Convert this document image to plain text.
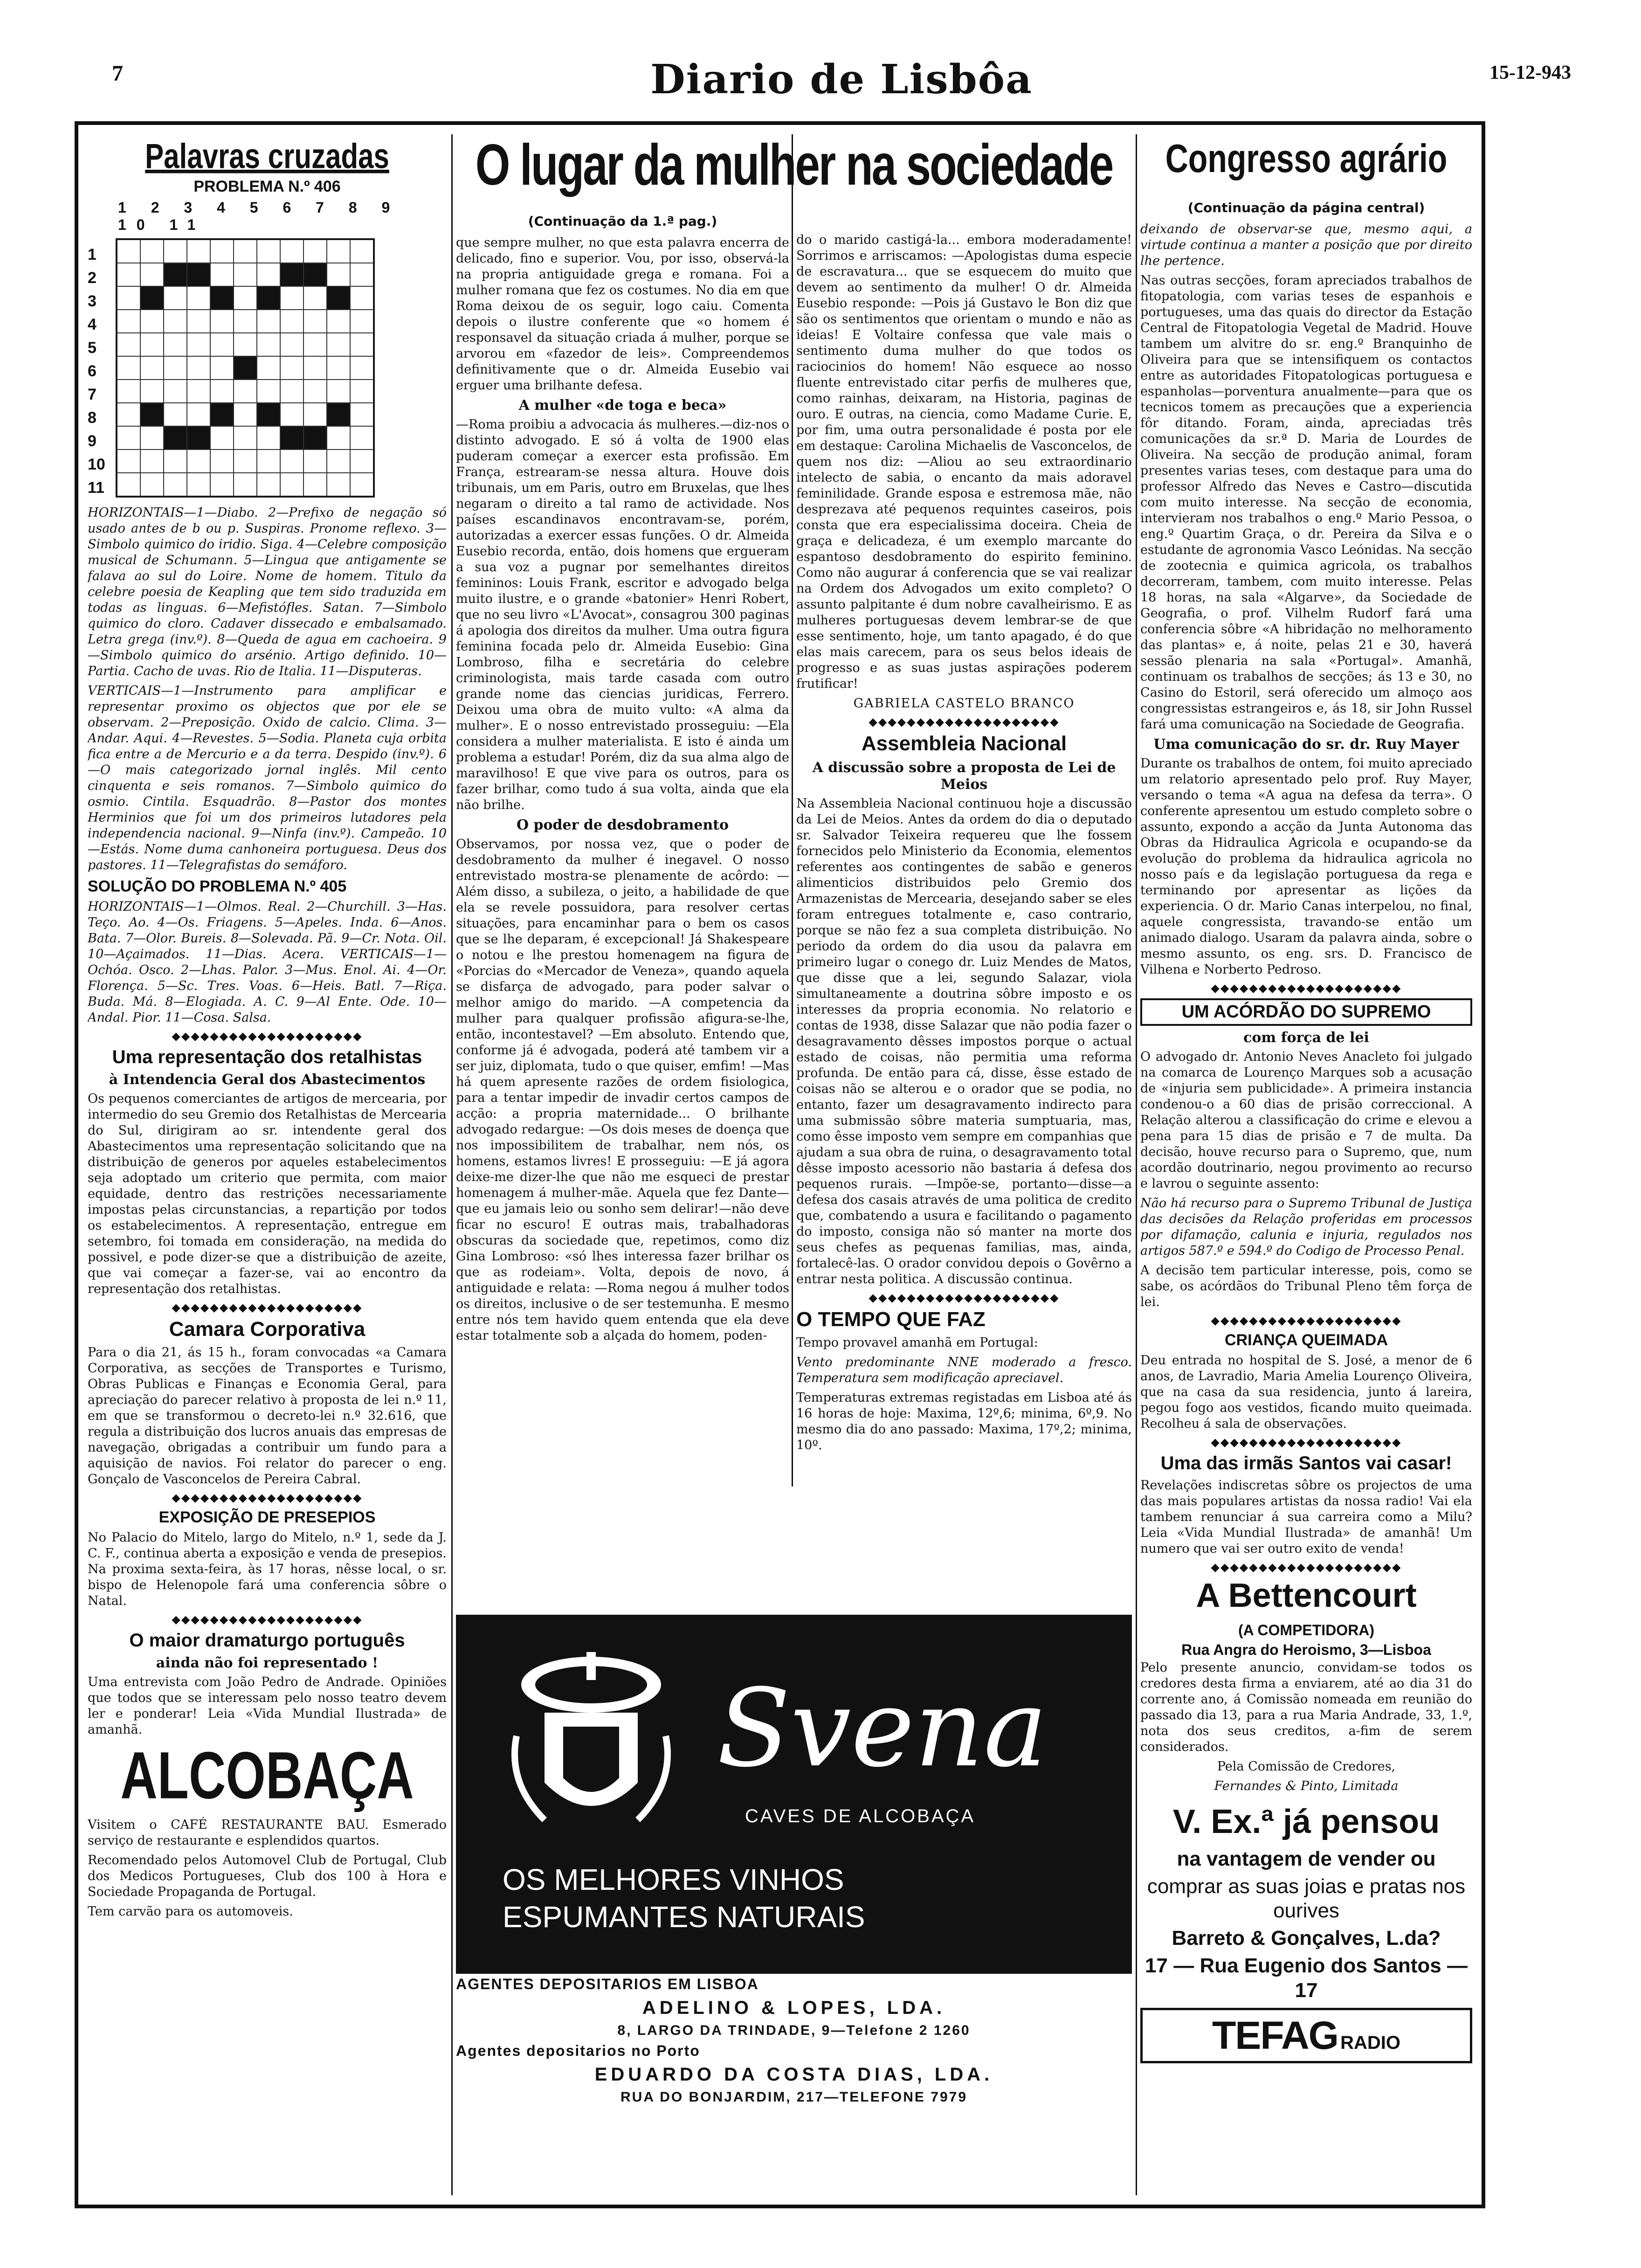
7	Diario de Lisbôa	15-12-943
Palavras cruzadas
PROBLEMA N.º 406
1 2 3 4 5 6 7 8 9 10 11
1
2
3
4
5
6
7
8
9
10
11

HORIZONTAIS—1—Diabo. 2—Prefixo de negação só usado antes de b ou p. Suspiras. Pronome reflexo. 3—Simbolo quimico do iridio. Siga. 4—Celebre composição musical de Schumann. 5—Lingua que antigamente se falava ao sul do Loire. Nome de homem. Titulo da celebre poesia de Keapling que tem sido traduzida em todas as linguas. 6—Mefistófles. Satan. 7—Simbolo quimico do cloro. Cadaver dissecado e embalsamado. Letra grega (inv.º). 8—Queda de agua em cachoeira. 9—Simbolo quimico do arsénio. Artigo definido. 10—Partia. Cacho de uvas. Rio de Italia. 11—Disputeras.

VERTICAIS—1—Instrumento para amplificar e representar proximo os objectos que por ele se observam. 2—Preposição. Oxido de calcio. Clima. 3—Andar. Aqui. 4—Revestes. 5—Sodia. Planeta cuja orbita fica entre a de Mercurio e a da terra. Despido (inv.º). 6—O mais categorizado jornal inglês. Mil cento cinquenta e seis romanos. 7—Simbolo quimico do osmio. Cintila. Esquadrão. 8—Pastor dos montes Herminios que foi um dos primeiros lutadores pela independencia nacional. 9—Ninfa (inv.º). Campeão. 10—Estás. Nome duma canhoneira portuguesa. Deus dos pastores. 11—Telegrafistas do semáforo.

SOLUÇÃO DO PROBLEMA N.º 405

HORIZONTAIS—1—Olmos. Real. 2—Churchill. 3—Has. Teço. Ao. 4—Os. Friagens. 5—Apeles. Inda. 6—Anos. Bata. 7—Olor. Bureis. 8—Solevada. Pã. 9—Cr. Nota. Oil. 10—Açaimados. 11—Dias. Acera. VERTICAIS—1—Ochóa. Osco. 2—Lhas. Palor. 3—Mus. Enol. Ai. 4—Or. Florença. 5—Sc. Tres. Voas. 6—Heis. Batl. 7—Riça. Buda. Má. 8—Elogiada. A. C. 9—Al Ente. Ode. 10—Andal. Pior. 11—Cosa. Salsa.

◆◆◆◆◆◆◆◆◆◆◆◆◆◆◆◆◆◆◆◆
Uma representação dos retalhistas
à Intendencia Geral dos Abastecimentos

Os pequenos comerciantes de artigos de mercearia, por intermedio do seu Gremio dos Retalhistas de Mercearia do Sul, dirigiram ao sr. intendente geral dos Abastecimentos uma representação solicitando que na distribuição de generos por aqueles estabelecimentos seja adoptado um criterio que permita, com maior equidade, dentro das restrições necessariamente impostas pelas circunstancias, a repartição por todos os estabelecimentos. A representação, entregue em setembro, foi tomada em consideração, na medida do possivel, e pode dizer-se que a distribuição de azeite, que vai começar a fazer-se, vai ao encontro da representação dos retalhistas.

◆◆◆◆◆◆◆◆◆◆◆◆◆◆◆◆◆◆◆◆
Camara Corporativa

Para o dia 21, ás 15 h., foram convocadas «a Camara Corporativa, as secções de Transportes e Turismo, Obras Publicas e Finanças e Economia Geral, para apreciação do parecer relativo à proposta de lei n.º 11, em que se transformou o decreto-lei n.º 32.616, que regula a distribuição dos lucros anuais das empresas de navegação, obrigadas a contribuir um fundo para a aquisição de navios. Foi relator do parecer o eng. Gonçalo de Vasconcelos de Pereira Cabral.

◆◆◆◆◆◆◆◆◆◆◆◆◆◆◆◆◆◆◆◆
EXPOSIÇÃO DE PRESEPIOS

No Palacio do Mitelo, largo do Mitelo, n.º 1, sede da J. C. F., continua aberta a exposição e venda de presepios. Na proxima sexta-feira, às 17 horas, nêsse local, o sr. bispo de Helenopole fará uma conferencia sôbre o Natal.

◆◆◆◆◆◆◆◆◆◆◆◆◆◆◆◆◆◆◆◆
O maior dramaturgo português
ainda não foi representado !

Uma entrevista com João Pedro de Andrade. Opiniões que todos que se interessam pelo nosso teatro devem ler e ponderar! Leia «Vida Mundial Ilustrada» de amanhã.

ALCOBAÇA

Visitem o CAFÉ RESTAURANTE BAU. Esmerado serviço de restaurante e esplendidos quartos.

Recomendado pelos Automovel Club de Portugal, Club dos Medicos Portugueses, Club dos 100 à Hora e Sociedade Propaganda de Portugal.

Tem carvão para os automoveis.

O lugar da mulher na sociedade
(Continuação da 1.ª pag.)

que sempre mulher, no que esta palavra encerra de delicado, fino e superior. Vou, por isso, observá-la na propria antiguidade grega e romana. Foi a mulher romana que fez os costumes. No dia em que Roma deixou de os seguir, logo caiu. Comenta depois o ilustre conferente que «o homem é responsavel da situação criada á mulher, porque se arvorou em «fazedor de leis». Compreendemos definitivamente que o dr. Almeida Eusebio vai erguer uma brilhante defesa.

A mulher «de toga e beca»

—Roma proibiu a advocacia ás mulheres.—diz-nos o distinto advogado. E só á volta de 1900 elas puderam começar a exercer esta profissão. Em França, estrearam-se nessa altura. Houve dois tribunais, um em Paris, outro em Bruxelas, que lhes negaram o direito a tal ramo de actividade. Nos países escandinavos encontravam-se, porém, autorizadas a exercer essas funções. O dr. Almeida Eusebio recorda, então, dois homens que ergueram a sua voz a pugnar por semelhantes direitos femininos: Louis Frank, escritor e advogado belga muito ilustre, e o grande «batonier» Henri Robert, que no seu livro «L'Avocat», consagrou 300 paginas á apologia dos direitos da mulher. Uma outra figura feminina focada pelo dr. Almeida Eusebio: Gina Lombroso, filha e secretária do celebre criminologista, mais tarde casada com outro grande nome das ciencias juridicas, Ferrero. Deixou uma obra de muito vulto: «A alma da mulher». E o nosso entrevistado prosseguiu: —Ela considera a mulher materialista. E isto é ainda um problema a estudar! Porém, diz da sua alma algo de maravilhoso! E que vive para os outros, para os fazer brilhar, como tudo á sua volta, ainda que ela não brilhe.

O poder de desdobramento

Observamos, por nossa vez, que o poder de desdobramento da mulher é inegavel. O nosso entrevistado mostra-se plenamente de acôrdo: —Além disso, a subileza, o jeito, a habilidade de que ela se revele possuidora, para resolver certas situações, para encaminhar para o bem os casos que se lhe deparam, é excepcional! Já Shakespeare o notou e lhe prestou homenagem na figura de «Porcias do «Mercador de Veneza», quando aquela se disfarça de advogado, para poder salvar o melhor amigo do marido. —A competencia da mulher para qualquer profissão afigura-se-lhe, então, incontestavel? —Em absoluto. Entendo que, conforme já é advogada, poderá até tambem vir a ser juiz, diplomata, tudo o que quiser, emfim! —Mas há quem apresente razões de ordem fisiologica, para a tentar impedir de invadir certos campos de acção: a propria maternidade... O brilhante advogado redargue: —Os dois meses de doença que nos impossibilitem de trabalhar, nem nós, os homens, estamos livres! E prosseguiu: —E já agora deixe-me dizer-lhe que não me esqueci de prestar homenagem á mulher-mãe. Aquela que fez Dante—que eu jamais leio ou sonho sem delirar!—não deve ficar no escuro! E outras mais, trabalhadoras obscuras da sociedade que, repetimos, como diz Gina Lombroso: «só lhes interessa fazer brilhar os que as rodeiam». Volta, depois de novo, á antiguidade e relata: —Roma negou á mulher todos os direitos, inclusive o de ser testemunha. E mesmo entre nós tem havido quem entenda que ela deve estar totalmente sob a alçada do homem, poden-

do o marido castigá-la... embora moderadamente! Sorrimos e arriscamos: —Apologistas duma especie de escravatura... que se esquecem do muito que devem ao sentimento da mulher! O dr. Almeida Eusebio responde: —Pois já Gustavo le Bon diz que são os sentimentos que orientam o mundo e não as ideias! E Voltaire confessa que vale mais o sentimento duma mulher do que todos os raciocinios do homem! Não esquece ao nosso fluente entrevistado citar perfis de mulheres que, como rainhas, deixaram, na Historia, paginas de ouro. E outras, na ciencia, como Madame Curie. E, por fim, uma outra personalidade é posta por ele em destaque: Carolina Michaelis de Vasconcelos, de quem nos diz: —Aliou ao seu extraordinario intelecto de sabia, o encanto da mais adoravel feminilidade. Grande esposa e estremosa mãe, não desprezava até pequenos requintes caseiros, pois consta que era especialissima doceira. Cheia de graça e delicadeza, é um exemplo marcante do espantoso desdobramento do espirito feminino. Como não augurar á conferencia que se vai realizar na Ordem dos Advogados um exito completo? O assunto palpitante é dum nobre cavalheirismo. E as mulheres portuguesas devem lembrar-se de que esse sentimento, hoje, um tanto apagado, é do que elas mais carecem, para os seus belos ideais de progresso e as suas justas aspirações poderem frutificar!

GABRIELA CASTELO BRANCO
◆◆◆◆◆◆◆◆◆◆◆◆◆◆◆◆◆◆◆◆
Assembleia Nacional
A discussão sobre a proposta de Lei de Meios

Na Assembleia Nacional continuou hoje a discussão da Lei de Meios. Antes da ordem do dia o deputado sr. Salvador Teixeira requereu que lhe fossem fornecidos pelo Ministerio da Economia, elementos referentes aos contingentes de sabão e generos alimenticios distribuidos pelo Gremio dos Armazenistas de Mercearia, desejando saber se eles foram entregues totalmente e, caso contrario, porque se não fez a sua completa distribuição. No periodo da ordem do dia usou da palavra em primeiro lugar o conego dr. Luiz Mendes de Matos, que disse que a lei, segundo Salazar, viola simultaneamente a doutrina sôbre imposto e os interesses da propria economia. No relatorio e contas de 1938, disse Salazar que não podia fazer o desagravamento dêsses impostos porque o actual estado de coisas, não permitia uma reforma profunda. De então para cá, disse, êsse estado de coisas não se alterou e o orador que se podia, no entanto, fazer um desagravamento indirecto para uma submissão sôbre materia sumptuaria, mas, como êsse imposto vem sempre em companhias que ajudam a sua obra de ruina, o desagravamento total dêsse imposto acessorio não bastaria á defesa dos pequenos rurais. —Impõe-se, portanto—disse—a defesa dos casais através de uma politica de credito que, combatendo a usura e facilitando o pagamento do imposto, consiga não só manter na morte dos seus chefes as pequenas familias, mas, ainda, fortalecê-las. O orador convidou depois o Govêrno a entrar nesta politica. A discussão continua.

◆◆◆◆◆◆◆◆◆◆◆◆◆◆◆◆◆◆◆◆
O TEMPO QUE FAZ

Tempo provavel amanhã em Portugal:

Vento predominante NNE moderado a fresco. Temperatura sem modificação apreciavel.

Temperaturas extremas registadas em Lisboa até ás 16 horas de hoje: Maxima, 12º,6; minima, 6º,9. No mesmo dia do ano passado: Maxima, 17º,2; minima, 10º.

Svena
CAVES DE ALCOBAÇA
OS MELHORES VINHOS
ESPUMANTES NATURAIS
AGENTES DEPOSITARIOS EM LISBOA
ADELINO & LOPES, LDA.
8, LARGO DA TRINDADE, 9—Telefone 2 1260
Agentes depositarios no Porto
EDUARDO DA COSTA DIAS, LDA.
RUA DO BONJARDIM, 217—TELEFONE 7979
Congresso agrário
(Continuação da página central)

deixando de observar-se que, mesmo aqui, a virtude continua a manter a posição que por direito lhe pertence.

Nas outras secções, foram apreciados trabalhos de fitopatologia, com varias teses de espanhois e portugueses, uma das quais do director da Estação Central de Fitopatologia Vegetal de Madrid. Houve tambem um alvitre do sr. eng.º Branquinho de Oliveira para que se intensifiquem os contactos entre as autoridades Fitopatologicas portuguesa e espanholas—porventura anualmente—para que os tecnicos tomem as precauções que a experiencia fôr ditando. Foram, ainda, apreciadas três comunicações da sr.ª D. Maria de Lourdes de Oliveira. Na secção de produção animal, foram presentes varias teses, com destaque para uma do professor Alfredo das Neves e Castro—discutida com muito interesse. Na secção de economia, intervieram nos trabalhos o eng.º Mario Pessoa, o eng.º Quartim Graça, o dr. Pereira da Silva e o estudante de agronomia Vasco Leónidas. Na secção de zootecnia e quimica agricola, os trabalhos decorreram, tambem, com muito interesse. Pelas 18 horas, na sala «Algarve», da Sociedade de Geografia, o prof. Vilhelm Rudorf fará uma conferencia sôbre «A hibridação no melhoramento das plantas» e, á noite, pelas 21 e 30, haverá sessão plenaria na sala «Portugal». Amanhã, continuam os trabalhos de secções; ás 13 e 30, no Casino do Estoril, será oferecido um almoço aos congressistas estrangeiros e, ás 18, sir John Russel fará uma comunicação na Sociedade de Geografia.

Uma comunicação do sr. dr. Ruy Mayer

Durante os trabalhos de ontem, foi muito apreciado um relatorio apresentado pelo prof. Ruy Mayer, versando o tema «A agua na defesa da terra». O conferente apresentou um estudo completo sobre o assunto, expondo a acção da Junta Autonoma das Obras da Hidraulica Agricola e ocupando-se da evolução do problema da hidraulica agricola no nosso país e da legislação portuguesa da rega e terminando por apresentar as lições da experiencia. O dr. Mario Canas interpelou, no final, aquele congressista, travando-se então um animado dialogo. Usaram da palavra ainda, sobre o mesmo assunto, os eng. srs. D. Francisco de Vilhena e Norberto Pedroso.

◆◆◆◆◆◆◆◆◆◆◆◆◆◆◆◆◆◆◆◆
UM ACÓRDÃO DO SUPREMO
com força de lei

O advogado dr. Antonio Neves Anacleto foi julgado na comarca de Lourenço Marques sob a acusação de «injuria sem publicidade». A primeira instancia condenou-o a 60 dias de prisão correccional. A Relação alterou a classificação do crime e elevou a pena para 15 dias de prisão e 7 de multa. Da decisão, houve recurso para o Supremo, que, num acordão doutrinario, negou provimento ao recurso e lavrou o seguinte assento:

Não há recurso para o Supremo Tribunal de Justiça das decisões da Relação proferidas em processos por difamação, calunia e injuria, regulados nos artigos 587.º e 594.º do Codigo de Processo Penal.

A decisão tem particular interesse, pois, como se sabe, os acórdãos do Tribunal Pleno têm força de lei.

◆◆◆◆◆◆◆◆◆◆◆◆◆◆◆◆◆◆◆◆
CRIANÇA QUEIMADA

Deu entrada no hospital de S. José, a menor de 6 anos, de Lavradio, Maria Amelia Lourenço Oliveira, que na casa da sua residencia, junto á lareira, pegou fogo aos vestidos, ficando muito queimada. Recolheu á sala de observações.

◆◆◆◆◆◆◆◆◆◆◆◆◆◆◆◆◆◆◆◆
Uma das irmãs Santos vai casar!

Revelações indiscretas sôbre os projectos de uma das mais populares artistas da nossa radio! Vai ela tambem renunciar á sua carreira como a Milu? Leia «Vida Mundial Ilustrada» de amanhã! Um numero que vai ser outro exito de venda!

◆◆◆◆◆◆◆◆◆◆◆◆◆◆◆◆◆◆◆◆
A Bettencourt
(A COMPETIDORA)
Rua Angra do Heroismo, 3—Lisboa

Pelo presente anuncio, convidam-se todos os credores desta firma a enviarem, até ao dia 31 do corrente ano, á Comissão nomeada em reunião do passado dia 13, para a rua Maria Andrade, 33, 1.º, nota dos seus creditos, a-fim de serem considerados.

Pela Comissão de Credores,

Fernandes & Pinto, Limitada

V. Ex.ª já pensou
na vantagem de vender ou
comprar as suas joias e pratas nos ourives
Barreto & Gonçalves, L.da?
17 — Rua Eugenio dos Santos — 17
TEFAG RADIO
